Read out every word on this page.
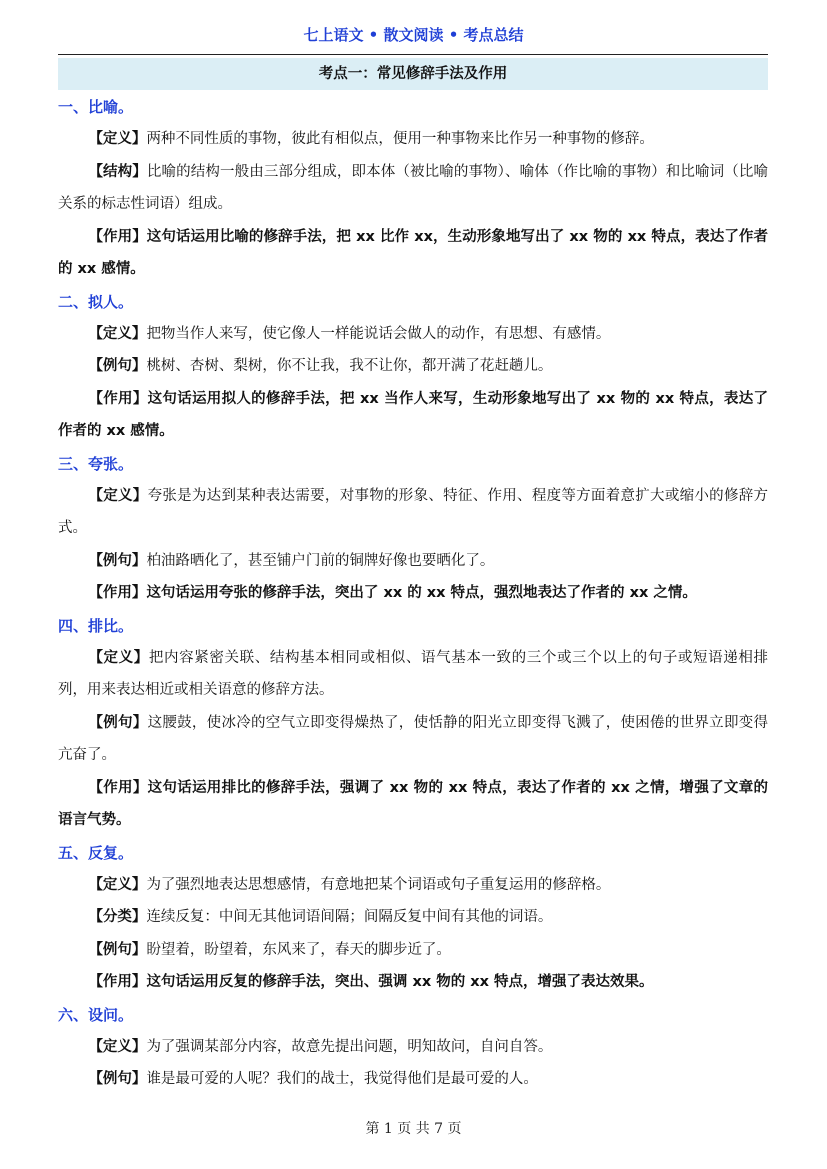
七上语文 • 散文阅读 • 考点总结
考点一：常见修辞手法及作用
一、比喻。

【定义】两种不同性质的事物，彼此有相似点，便用一种事物来比作另一种事物的修辞。

【结构】比喻的结构一般由三部分组成，即本体（被比喻的事物）、喻体（作比喻的事物）和比喻词（比喻关系的标志性词语）组成。

【作用】这句话运用比喻的修辞手法，把 xx 比作 xx，生动形象地写出了 xx 物的 xx 特点，表达了作者的 xx 感情。

二、拟人。

【定义】把物当作人来写，使它像人一样能说话会做人的动作，有思想、有感情。

【例句】桃树、杏树、梨树，你不让我，我不让你，都开满了花赶趟儿。

【作用】这句话运用拟人的修辞手法，把 xx 当作人来写，生动形象地写出了 xx 物的 xx 特点，表达了作者的 xx 感情。

三、夸张。

【定义】夸张是为达到某种表达需要，对事物的形象、特征、作用、程度等方面着意扩大或缩小的修辞方式。

【例句】柏油路晒化了，甚至铺户门前的铜牌好像也要晒化了。

【作用】这句话运用夸张的修辞手法，突出了 xx 的 xx 特点，强烈地表达了作者的 xx 之情。

四、排比。

【定义】把内容紧密关联、结构基本相同或相似、语气基本一致的三个或三个以上的句子或短语递相排列，用来表达相近或相关语意的修辞方法。

【例句】这腰鼓，使冰冷的空气立即变得燥热了，使恬静的阳光立即变得飞溅了，使困倦的世界立即变得亢奋了。

【作用】这句话运用排比的修辞手法，强调了 xx 物的 xx 特点，表达了作者的 xx 之情，增强了文章的语言气势。

五、反复。

【定义】为了强烈地表达思想感情，有意地把某个词语或句子重复运用的修辞格。

【分类】连续反复：中间无其他词语间隔；间隔反复中间有其他的词语。

【例句】盼望着，盼望着，东风来了，春天的脚步近了。

【作用】这句话运用反复的修辞手法，突出、强调 xx 物的 xx 特点，增强了表达效果。

六、设问。

【定义】为了强调某部分内容，故意先提出问题，明知故问，自问自答。

【例句】谁是最可爱的人呢？我们的战士，我觉得他们是最可爱的人。

第 1 页 共 7 页
